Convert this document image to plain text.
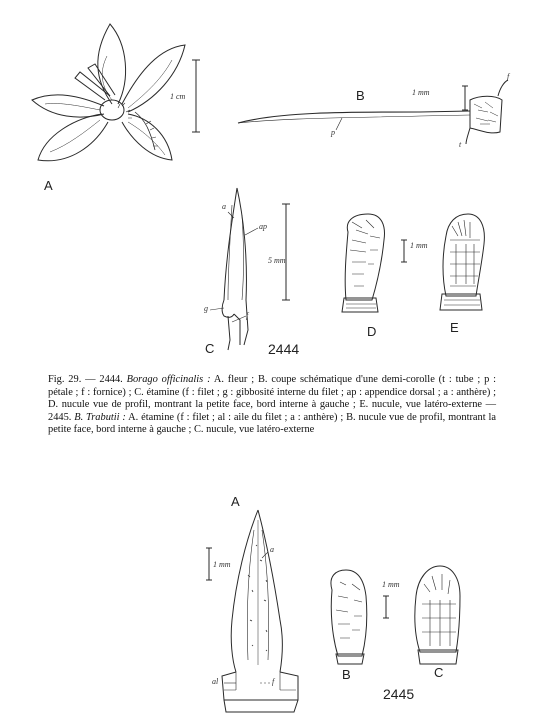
A
1 cm	B	1 mm
p
t
f
a
ap
g
f
5 mm
C
1 mm
D	E
2444
Fig. 29. — 2444. Borago officinalis : A. fleur ; B. coupe schématique d'une demi-corolle (t : tube ; p : pétale ; f : fornice) ; C. étamine (f : filet ; g : gibbosité interne du filet ; ap : appendice dorsal ; a : anthère) ; D. nucule vue de profil, montrant la petite face, bord interne à gauche ; E. nucule, vue latéro-externe — 2445. B. Trabutii : A. étamine (f : filet ; al : aile du filet ; a : anthère) ; B. nucule vue de profil, montrant la petite face, bord interne à gauche ; C. nucule, vue latéro-externe
A
a
1 mm
al	f
1 mm
B	C
2445
